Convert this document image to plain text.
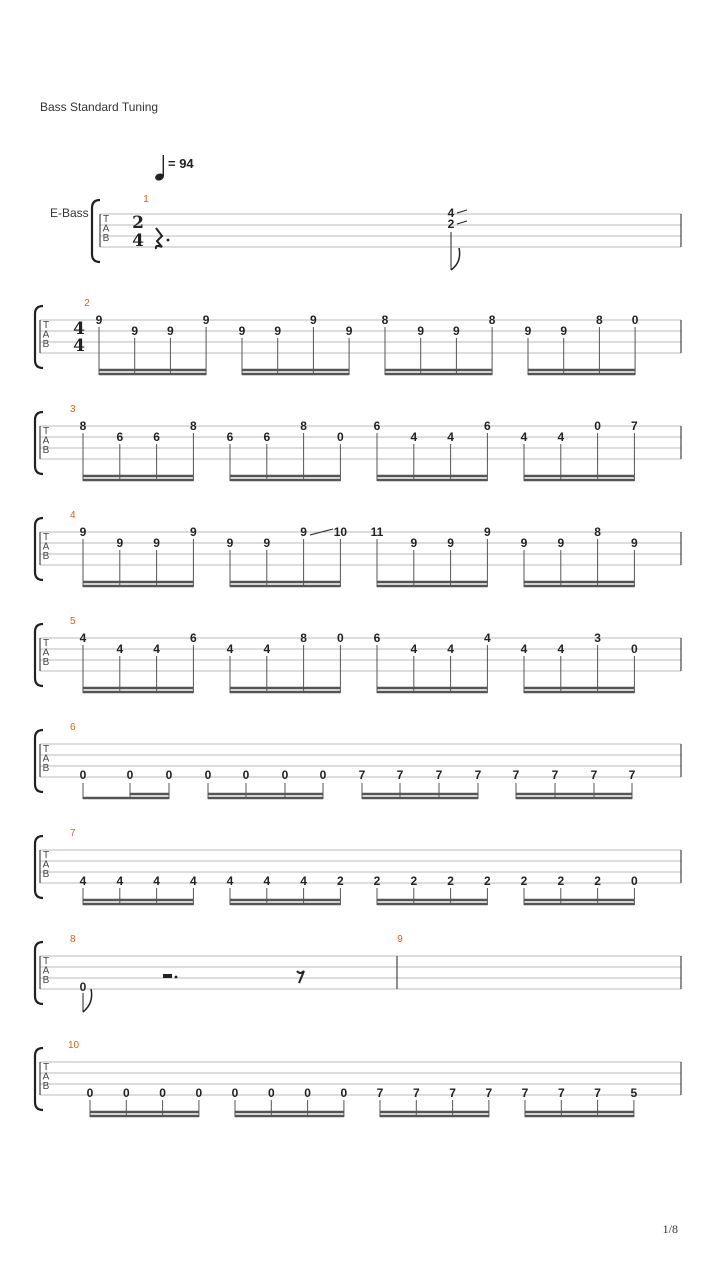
Bass Standard Tuning
= 94
E-Bass T
A
B
T
A
B
T
A
B
T
A
B
T
A
B
T
A
B
T
A
B
T
A
B
T
A
B
1
2
4
4
2
2
4
4
9
9 9
9
9 9
9
9
8
9 9
8
9 9
8 0
3
8
6	6
8
6	6
8
0
6
4	4
6
4	4
0	7
4
9
9	9
9
9	9
9 10 11
9	9
9
9	9
8
9
5
4
4	4
6
4	4
8	0 6
4	4
4
4	4
3
0
6
0	0	0	0	0	0	0	7	7	7	7	7	7	7	7
7
4	4	4	4 4	4	4	2 2	2	2	2 2	2	2	0
8	9
0
10
0 0 0 0 0 0 0 0 7 7 7 7 7 7 7 5
1/8
